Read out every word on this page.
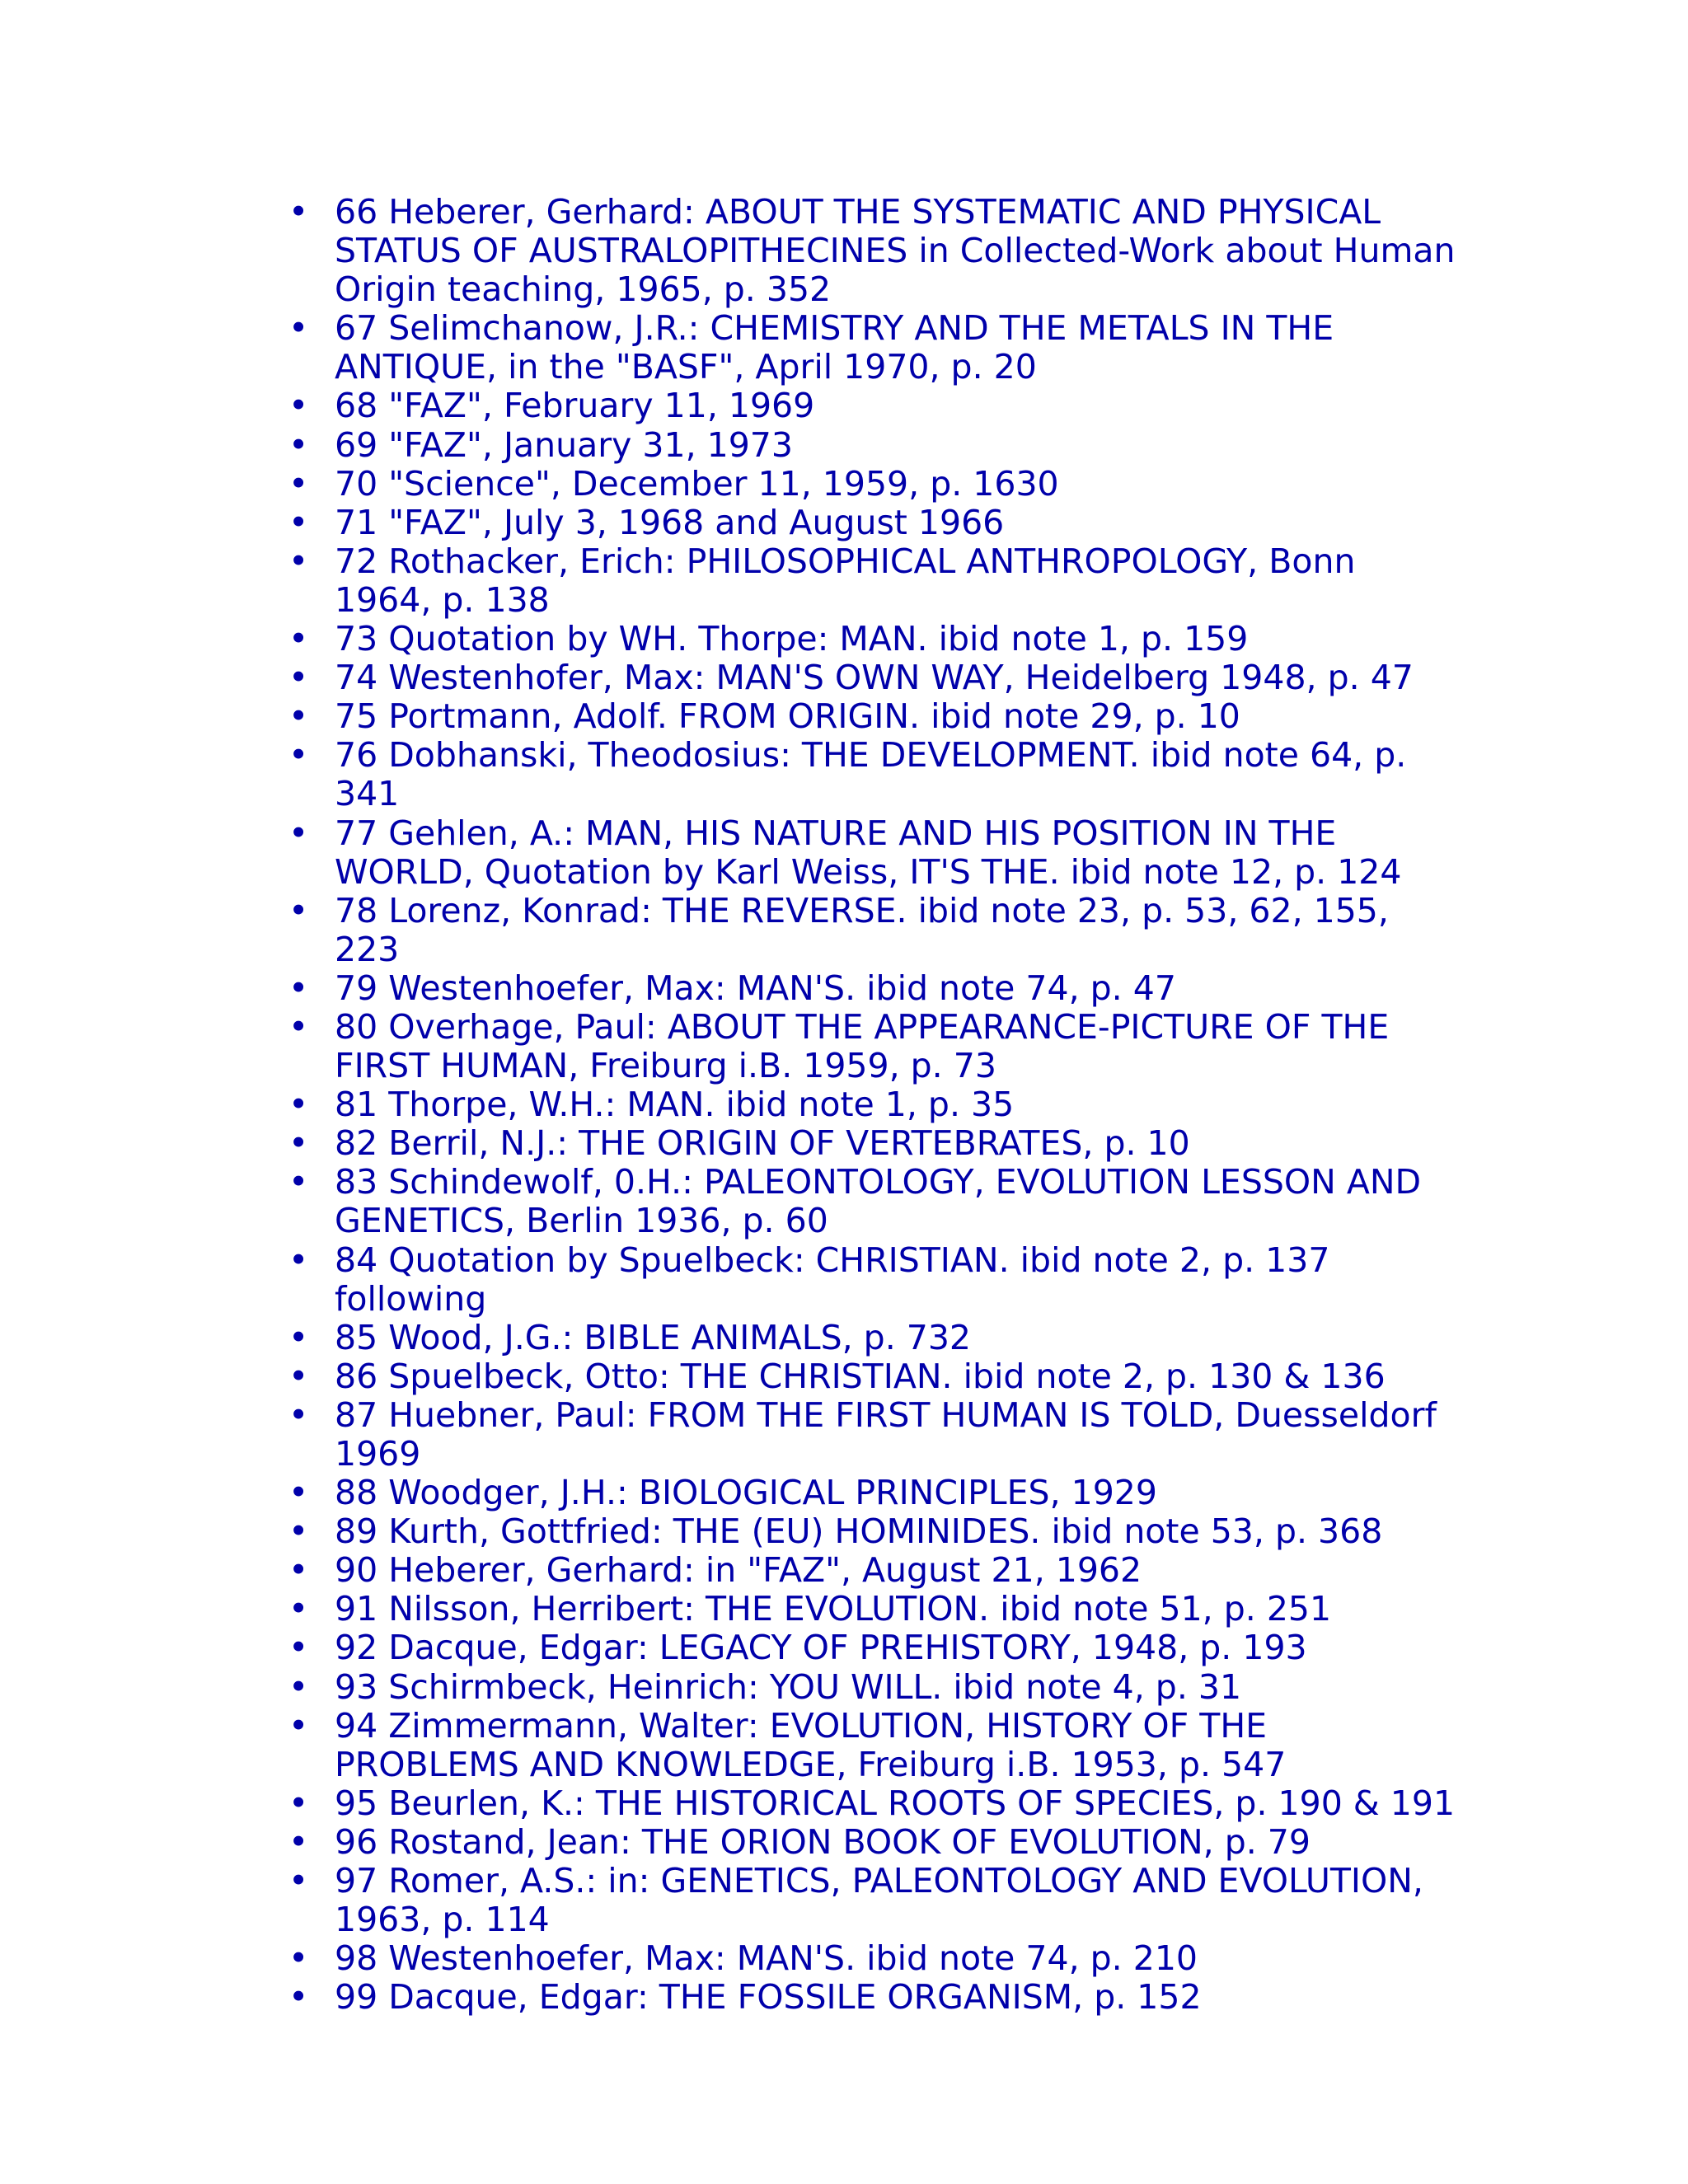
• 66 Heberer, Gerhard: ABOUT THE SYSTEMATIC AND PHYSICAL STATUS OF AUSTRALOPITHECINES in Collected-Work about Human Origin teaching, 1965, p. 352
• 67 Selimchanow, J.R.: CHEMISTRY AND THE METALS IN THE ANTIQUE, in the "BASF", April 1970, p. 20
• 68 "FAZ", February 11, 1969
• 69 "FAZ", January 31, 1973
• 70 "Science", December 11, 1959, p. 1630
• 71 "FAZ", July 3, 1968 and August 1966
• 72 Rothacker, Erich: PHILOSOPHICAL ANTHROPOLOGY, Bonn 1964, p. 138
• 73 Quotation by WH. Thorpe: MAN. ibid note 1, p. 159
• 74 Westenhofer, Max: MAN'S OWN WAY, Heidelberg 1948, p. 47
• 75 Portmann, Adolf. FROM ORIGIN. ibid note 29, p. 10
• 76 Dobhanski, Theodosius: THE DEVELOPMENT. ibid note 64, p. 341
• 77 Gehlen, A.: MAN, HIS NATURE AND HIS POSITION IN THE WORLD, Quotation by Karl Weiss, IT'S THE. ibid note 12, p. 124
• 78 Lorenz, Konrad: THE REVERSE. ibid note 23, p. 53, 62, 155, 223
• 79 Westenhoefer, Max: MAN'S. ibid note 74, p. 47
• 80 Overhage, Paul: ABOUT THE APPEARANCE-PICTURE OF THE FIRST HUMAN, Freiburg i.B. 1959, p. 73
• 81 Thorpe, W.H.: MAN. ibid note 1, p. 35
• 82 Berril, N.J.: THE ORIGIN OF VERTEBRATES, p. 10
• 83 Schindewolf, 0.H.: PALEONTOLOGY, EVOLUTION LESSON AND GENETICS, Berlin 1936, p. 60
• 84 Quotation by Spuelbeck: CHRISTIAN. ibid note 2, p. 137 following
• 85 Wood, J.G.: BIBLE ANIMALS, p. 732
• 86 Spuelbeck, Otto: THE CHRISTIAN. ibid note 2, p. 130 & 136
• 87 Huebner, Paul: FROM THE FIRST HUMAN IS TOLD, Duesseldorf 1969
• 88 Woodger, J.H.: BIOLOGICAL PRINCIPLES, 1929
• 89 Kurth, Gottfried: THE (EU) HOMINIDES. ibid note 53, p. 368
• 90 Heberer, Gerhard: in "FAZ", August 21, 1962
• 91 Nilsson, Herribert: THE EVOLUTION. ibid note 51, p. 251
• 92 Dacque, Edgar: LEGACY OF PREHISTORY, 1948, p. 193
• 93 Schirmbeck, Heinrich: YOU WILL. ibid note 4, p. 31
• 94 Zimmermann, Walter: EVOLUTION, HISTORY OF THE PROBLEMS AND KNOWLEDGE, Freiburg i.B. 1953, p. 547
• 95 Beurlen, K.: THE HISTORICAL ROOTS OF SPECIES, p. 190 & 191
• 96 Rostand, Jean: THE ORION BOOK OF EVOLUTION, p. 79
• 97 Romer, A.S.: in: GENETICS, PALEONTOLOGY AND EVOLUTION, 1963, p. 114
• 98 Westenhoefer, Max: MAN'S. ibid note 74, p. 210
• 99 Dacque, Edgar: THE FOSSILE ORGANISM, p. 152
